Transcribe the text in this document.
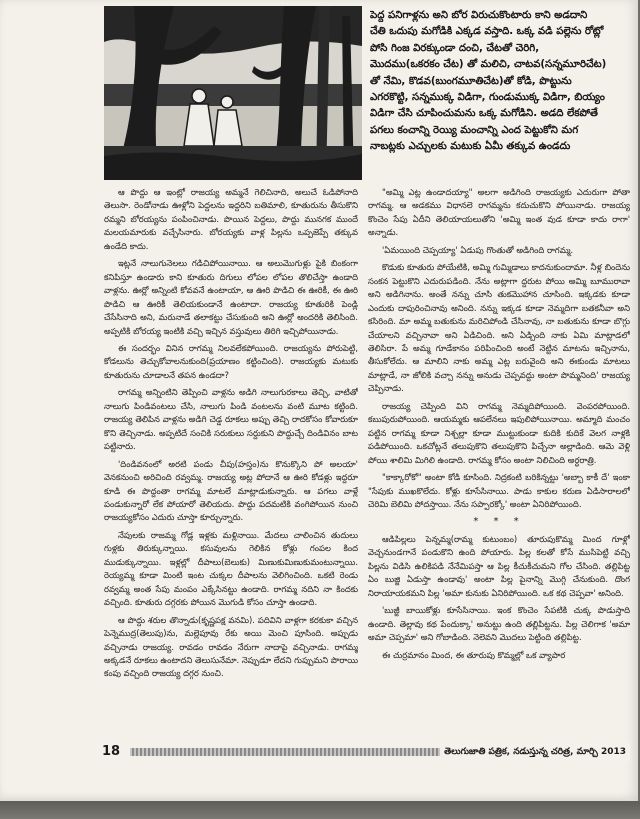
పెద్ద పనిగాళ్లను అని బోర విరుచుకొంటారు కాని అడదాని
చేతి ఒదుపు మగోడికి ఎక్కడ వస్తాది. ఒక్క వడి పల్లెను రోట్లో
పోసి గింజ విరక్కుండా దంచి, చేటతో చెరిగి,
మొదము(ఒకరకం చేట) తో మలిచి, చాటవ(సన్నమూరిచేట)
తో నేమి, కొడవ(బుంగమూతిచేట)తో కోడి, పొట్టును
ఎగరకొట్టి, సన్నముక్క విడిగా, గుండుముక్క విడిగా, బియ్యం
విడిగా చేసి చూపించుమను ఒక్క మగోడిని. అడది లేకపోతే
పగలు కంచాన్ని రెయ్యి మంచాన్ని ఎంద పెట్టుకోని మగ
నాబట్లకు ఎచ్చులకు మటుకు ఏమీ తక్కువ ఉండదు

ఆ పొద్దు ఆ ఇంట్లో రాజయ్య అమ్మనే గెలిచినాది, అలుచే ఓడిపోనాది తెలుసా. రెండోనాడు ఊళ్లోని పెద్దలను ఇద్దరిని బతిమాలి, కూతురును తీసుకొని రమ్మని బోరయ్యను పంపించినాడు. పొయిన పెద్దలు, పొద్దు మునగక ముందే మలయమారుకు వచ్చేసినారు. బోరయ్యకు వాళ్ల పిల్లను ఒప్పజెప్పే తక్కువ ఉండేది కాదు.

ఇట్లనే నాలుగునెలలు గడిచిపోయినాయి. ఆ అలుమొగుళ్లు పైకి బింకంగా కనిపిస్తూ ఉండారు కాని కూతురు దిగులు లోపల లోపల తొలిచేస్తా ఉండాది వాళ్లను. ఊర్లో అన్నింటి కోవవనే ఉంటాయా, ఆ ఊరి పొడిచి ఈ ఊరికీ, ఈ ఊరి పొడిచి ఆ ఊరికీ తెలియకుండానే ఉంటాదా. రాజయ్య కూతురికి పెండ్లి చేసేసినాది అని, మరునాడే తలాకట్టు చేసుకుంది అని ఊర్లో అందరికి తెలిసింది. అప్పటికి బోరయ్య ఇంటికి వచ్చి ఇచ్చిన వస్తువులు తిరిగి ఇచ్చిపోయినాడు.

ఈ సందర్భం వినిన రాగమ్మ నిలవలేకపోయింది. రాజయ్యను పోరుపెట్టి, కోడలును తెచ్చుకోవాలనుకుంది(ప్రయాణం కట్టించింది). రాజయ్యకు మటుకు కూతురును చూడాలనే తపన ఉండదా?

రాగమ్మ అన్నింటిని తెప్పించి వాళ్లను అడిగి నాలుగురకాలు తెచ్చి, వాటితో నాలుగు పిండివంటలు చేసి, నాలుగు పిండి వంటలను వంటి మూట కట్టింది. రాజయ్య తెలిపిన వాళ్లను అడిగి చెడ్డ రూకలు అప్పు తెచ్చి రాదకోసం కోవారుకూ కొని తెచ్చినాడు. అప్పటిదే సంచికి సరుకులు సర్దుకుని పొద్దుచ్చే దిండివినం బాట పట్టినారు.

'దిండివనంలో అరటి పండు చీపు(హస్తం)ను కొనుక్కొని పో అలయా' వెనకనుంచి అరిచింది రవ్వమ్మ. రాజయ్య అట్ల పోదానే ఆ ఊరి కోడళ్లు ఇద్దరూ కూడి ఈ పొద్దంతా రాగమ్మ మాటలే మాట్లాడుకున్నారు. ఆ పగలు వాళ్లే పండుకున్నారో లేక పోయారో తెలియదు. పొద్దు పదమటికి వంగిపోయిన నుంచి రాజయ్యకోసం ఎదురు చూస్తా కూర్చున్నారు.

నేపులకు రాజమ్మ గోడ్ల ఇళ్లకు మళ్లినాయి. మేదలు చాలించిన తుదులు గుళ్లకు తిరుక్కున్నాయి. కసువులను గెలికిన కోళ్లు గంపల కింద ముడుక్కున్నాయి. ఇళ్లల్లో దీపాలు(బెలుకు) మిణుకుమిణుకుమంటున్నాయి. రెయ్యమ్మ కూడా మింటి ఇంట చుక్కల దీపాలను వెలిగించింది. ఒకటి రెండు రవ్వమ్మ అంత సేపు మంపం ఎక్కేసినట్టు ఉండాది. రాగమ్మ నదిని నా కిందకు వచ్చింది. కూతురు దగ్గరకు పోయిన మొగుడి కోసం చూస్తా ఉండాది.

ఆ పొద్దు శరుల తొన్నాడు(కృష్ణపక్ష వనమి). పదివిని వాళ్లగా కరకుకా వచ్చిన పెన్నెముద్ర(తెలుపు)ను, మల్లెపూవు రేకు అయి మెంచి పూసింది. అప్పుడు వచ్చినాడు రాజయ్య. రావడం రావడం నేరుగా నాదాపై వచ్చినాడు. రాగమ్మ అక్కడనే రూకలు ఉంటాదని తెలుసునేమా. నెప్పుడూ లేదని గుప్పుమని పొరాయి కంపు వచ్చింది రాజయ్య దగ్గర నుంచి.

"అమ్మి ఎట్ల ఉండాదయ్యా" అలగా అడిగింది రాజయ్యకు ఎదురుగా పోతా రాగమ్మ. ఆ అడకము విధానలె రాగమ్మను కదుచుకొని పోయినాడు. రాజయ్య కొంచెం సేపు ఏదీని తెలియాయలుతోని 'అమ్మి ఇంత వుడ కూడా కాదు రాగా' అన్నాడు.

'ఏమయింది చెప్పయ్యా' ఏడుపు గొంతుతో అడిగింది రాగమ్మ.

కొడుకు కూతురు పోయేటికి, అమ్మి గుమ్మిడాలు కాదనుకుందామా. నీళ్ల బిందెను సంకన పెట్టుకొని ఎదురుపడింది. నేను అట్లాగా ద్దరుట పోయి అమ్మి బూమురావా అని అడిగినాను. అంతే నన్ను చూసి తుకమొహాన చూసింది. ఇక్కడకు కూడా ఎందుకు దాపురించినావు అనింది. నన్ను ఇక్కడ కూడా నెమ్మదిగా బతకనీవా అని కసిరింది. మా అమ్మ బతుకును మరిచిపోండి చేసినావు, నా బతుకును కూడా బొగ్గు చేయాలని వచ్చినావా అని ఏడిచింది. అని ఏడ్చింది నాకు ఏమి మాట్లాడలో తెలిసిరా. పే అమ్మ గూడేకానం పరిపించింది అంటే నెట్టిన మాటను ఇచ్చినాను, తీసుకోలేదు. ఆ మాలిని నాకు అమ్మ ఎట్ల బరువైంది అని ఈకుండు మాటలు మాట్లాడే, నా జోలికి వచ్చా నన్ను అనుడు చెప్పవద్దు అంటా పొమ్మనింది' రాజయ్య చెప్పినాడు.

రాజయ్య చెప్పింది విని రాగమ్మ నెమ్మదిపోయింది. వెంపరపోయింది. కబుపురుపోయింది. ఆయమ్మకు ఆపలేనలు ఇపులిపోయినాయి. అమ్మాది మంచం పట్టిన రాగమ్మ కూడా నిశ్చల్లా కూడా ముట్టుకుండా కుదికి కుదికే వెలగ నాళ్లకి పడిపోయింది. ఒకచోట్లనే తలుపుకొని తలుపుకొని పిచ్చేనా అల్లాడింది. ఆమె వెళ్లి పోయి శాలిమి మిగిలి ఉండాది. రాగమ్మ కోసం అంటా నిలిచింది అర్ధరాత్రి.

"కాక్కారోకో" అంటా కోడి కూసింది. నిద్రకంటి బరికిన్నట్టు 'అబ్బా కాకీ దే' ఇంకా "సేపుకు ముఖకొలేదు. కోళ్లు కూసేసినాయి. పాడు కాకుల కరుణ ఏడిసారాలలో చెరిమి బెలిమి పోదస్తాయి. నేను సప్పారక్కో' అంటా ఏనిరిపోయింది.

* * *

ఆడిపిల్లలు పెన్నమ్మ(రామ్మ కుటుంబం) తూరుపుకొమ్మ మింద గూళ్లో వెచ్చనుండగానే పండుకొని ఉంది పోయారు. పిల్ల కలతో కోసే ముసిపెట్టి వచ్చి పిల్లను విడిసి ఉలికిపడి నేనేమిపస్తా ఆ పిల్ల కీచుకీచుమని గోల చేసింది. తల్లిపిట్ట ఏం బుజ్జి ఏడుస్తా ఉండావు' అంటా పిల్ల పైనాన్ని మొగ్గి చేనుకుంది. దొంగ నిరాయాయకమని పిల్ల 'అమా కునుకు ఏనిరిపోయింది. ఒక కథ చెప్పవా' అనింది.

'బుజ్జీ బాయికోళ్లు కూసేసినాయి. ఇంక కొంచెం సేపటికి చుక్క పొడుస్తాది ఉండాది. తెల్లావు కథ పేందుక్కా' అనుట్టు ఉంది తల్లిపిట్టను. పిల్ల చెలిగాక 'అమా అమా చెప్పమా' అని గోబాడింది. నెలెవని మొదలు పెట్టింది తల్లిపిట్ట.

ఈ చుర్రమానం మింద, ఈ తూరుపు కొమ్మల్లో ఒక వ్యాపార

18	తెలుగుజాతి పత్రిక, నడుస్తున్న చరిత్ర, మార్చి 2013
